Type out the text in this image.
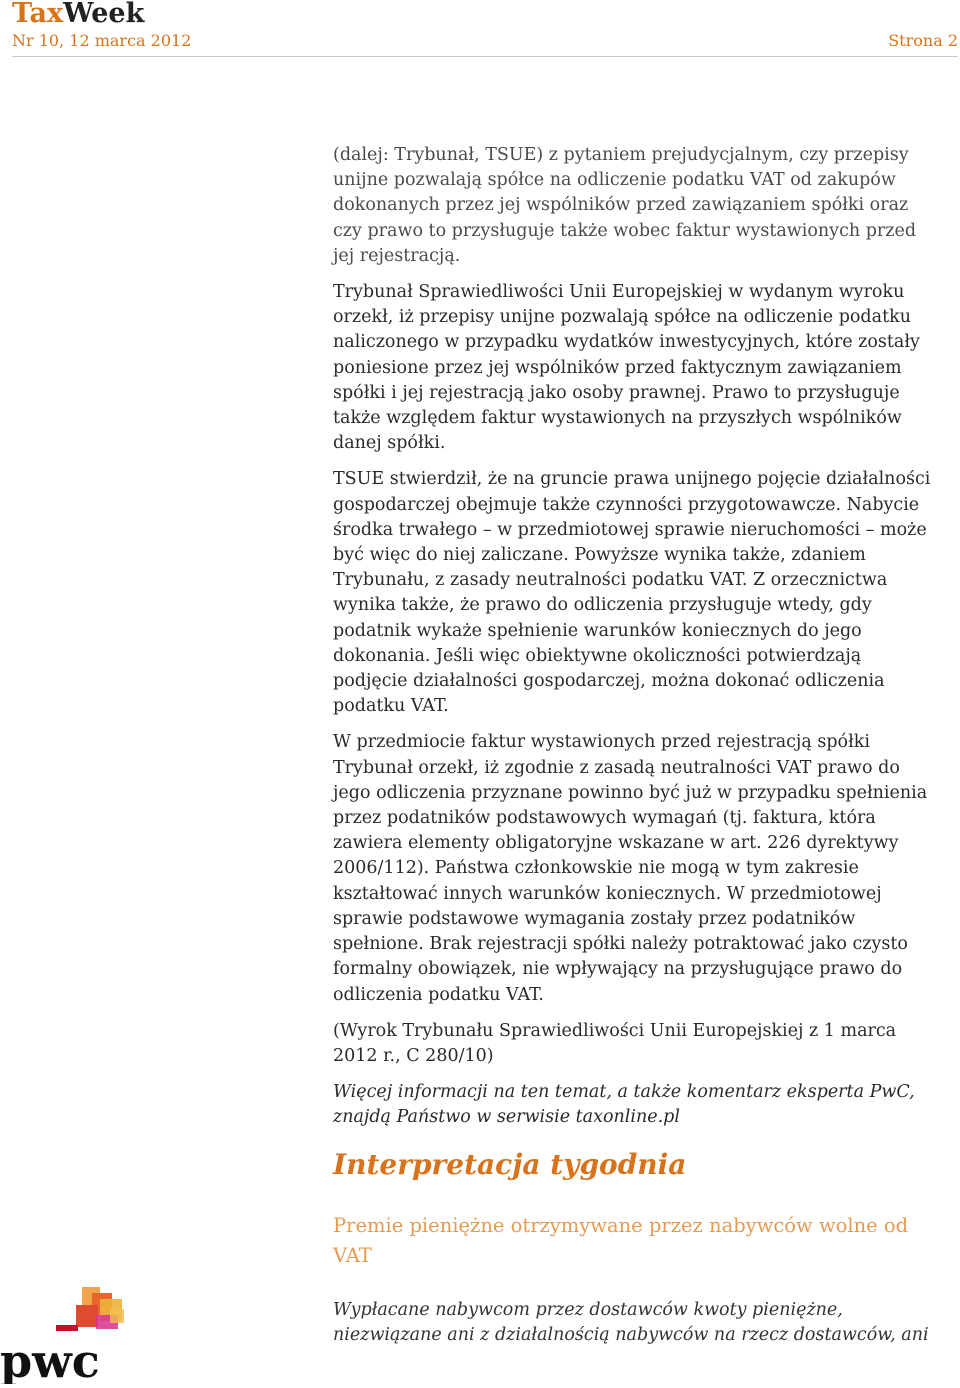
TaxWeek
Nr 10, 12 marca 2012	Strona 2

(dalej: Trybunał, TSUE) z pytaniem prejudycjalnym, czy przepisy unijne pozwalają spółce na odliczenie podatku VAT od zakupów dokonanych przez jej wspólników przed zawiązaniem spółki oraz czy prawo to przysługuje także wobec faktur wystawionych przed jej rejestracją.

Trybunał Sprawiedliwości Unii Europejskiej w wydanym wyroku orzekł, iż przepisy unijne pozwalają spółce na odliczenie podatku naliczonego w przypadku wydatków inwestycyjnych, które zostały poniesione przez jej wspólników przed faktycznym zawiązaniem spółki i jej rejestracją jako osoby prawnej. Prawo to przysługuje także względem faktur wystawionych na przyszłych wspólników danej spółki.

TSUE stwierdził, że na gruncie prawa unijnego pojęcie działalności gospodarczej obejmuje także czynności przygotowawcze. Nabycie środka trwałego – w przedmiotowej sprawie nieruchomości – może być więc do niej zaliczane. Powyższe wynika także, zdaniem Trybunału, z zasady neutralności podatku VAT. Z orzecznictwa wynika także, że prawo do odliczenia przysługuje wtedy, gdy podatnik wykaże spełnienie warunków koniecznych do jego dokonania. Jeśli więc obiektywne okoliczności potwierdzają podjęcie działalności gospodarczej, można dokonać odliczenia podatku VAT.

W przedmiocie faktur wystawionych przed rejestracją spółki Trybunał orzekł, iż zgodnie z zasadą neutralności VAT prawo do jego odliczenia przyznane powinno być już w przypadku spełnienia przez podatników podstawowych wymagań (tj. faktura, która zawiera elementy obligatoryjne wskazane w art. 226 dyrektywy 2006/112). Państwa członkowskie nie mogą w tym zakresie kształtować innych warunków koniecznych. W przedmiotowej sprawie podstawowe wymagania zostały przez podatników spełnione. Brak rejestracji spółki należy potraktować jako czysto formalny obowiązek, nie wpływający na przysługujące prawo do odliczenia podatku VAT.

(Wyrok Trybunału Sprawiedliwości Unii Europejskiej z 1 marca 2012 r., C 280/10)

Więcej informacji na ten temat, a także komentarz eksperta PwC, znajdą Państwo w serwisie taxonline.pl

Interpretacja tygodnia
Premie pieniężne otrzymywane przez nabywców wolne od VAT

Wypłacane nabywcom przez dostawców kwoty pieniężne, niezwiązane ani z działalnością nabywców na rzecz dostawców, ani

pwc
